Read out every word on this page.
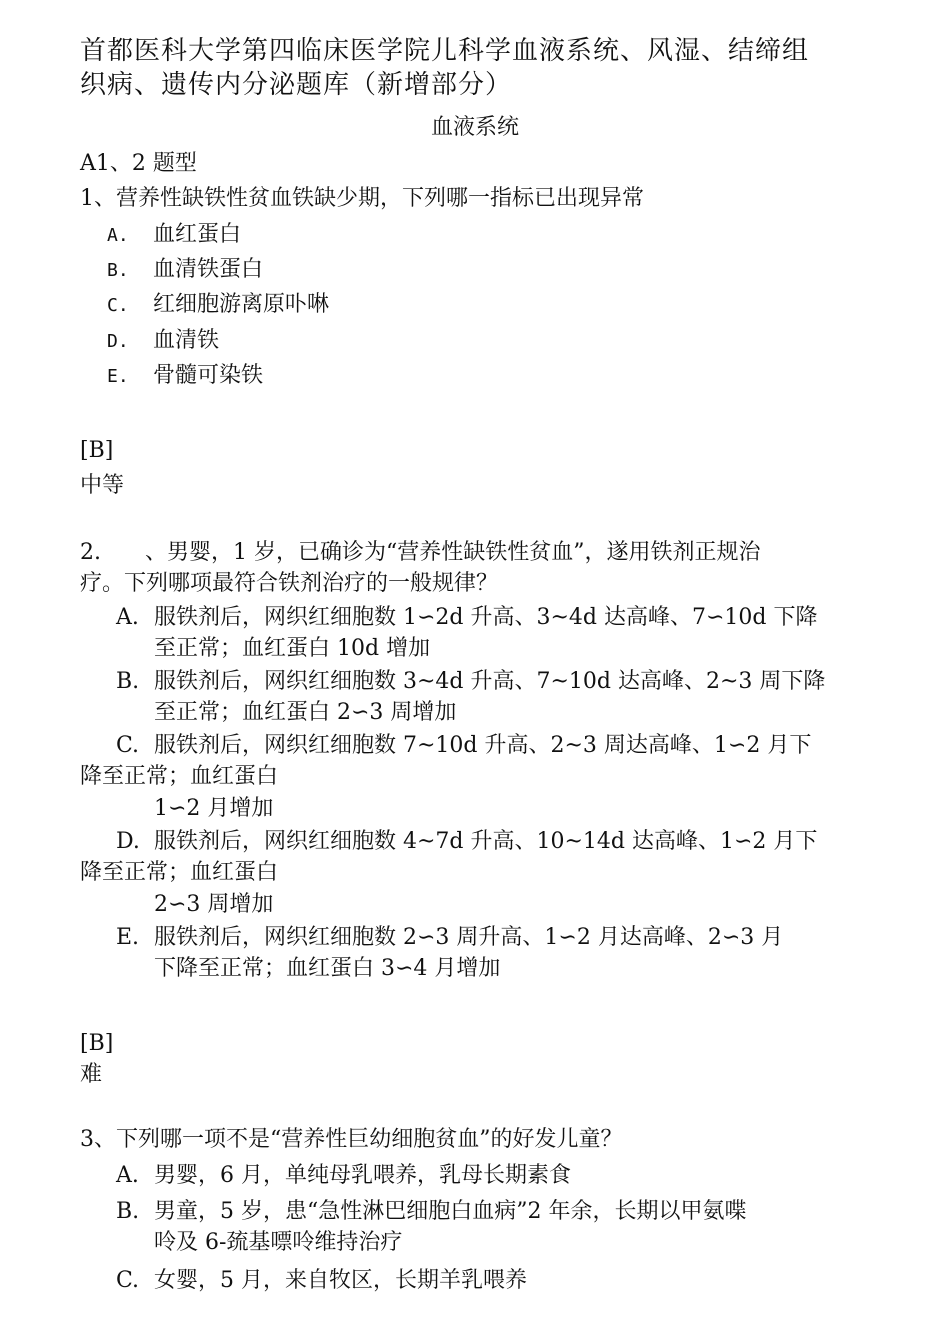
首都医科大学第四临床医学院儿科学血液系统、风湿、结缔组
织病、遗传内分泌题库（新增部分）
血液系统
A1、2 题型
1、营养性缺铁性贫血铁缺少期，下列哪一指标已出现异常
A. 血红蛋白
B. 血清铁蛋白
C. 红细胞游离原卟啉
D. 血清铁
E. 骨髓可染铁
[B]
中等
2.　　、男婴，1 岁，已确诊为“营养性缺铁性贫血”，遂用铁剂正规治
疗。下列哪项最符合铁剂治疗的一般规律？
A. 服铁剂后，网织红细胞数 1∽2d 升高、3~4d 达高峰、7∽10d 下降
至正常；血红蛋白 10d 增加
B. 服铁剂后，网织红细胞数 3~4d 升高、7~10d 达高峰、2~3 周下降
至正常；血红蛋白 2∽3 周增加
C. 服铁剂后，网织红细胞数 7~10d 升高、2~3 周达高峰、1∽2 月下
降至正常；血红蛋白
1∽2 月增加
D. 服铁剂后，网织红细胞数 4~7d 升高、10~14d 达高峰、1∽2 月下
降至正常；血红蛋白
2∽3 周增加
E. 服铁剂后，网织红细胞数 2∽3 周升高、1∽2 月达高峰、2∽3 月
下降至正常；血红蛋白 3∽4 月增加
[B]
难
3、下列哪一项不是“营养性巨幼细胞贫血”的好发儿童？
A. 男婴，6 月，单纯母乳喂养，乳母长期素食
B. 男童，5 岁，患“急性淋巴细胞白血病”2 年余，长期以甲氨喋
呤及 6-巯基嘌呤维持治疗
C. 女婴，5 月，来自牧区，长期羊乳喂养
